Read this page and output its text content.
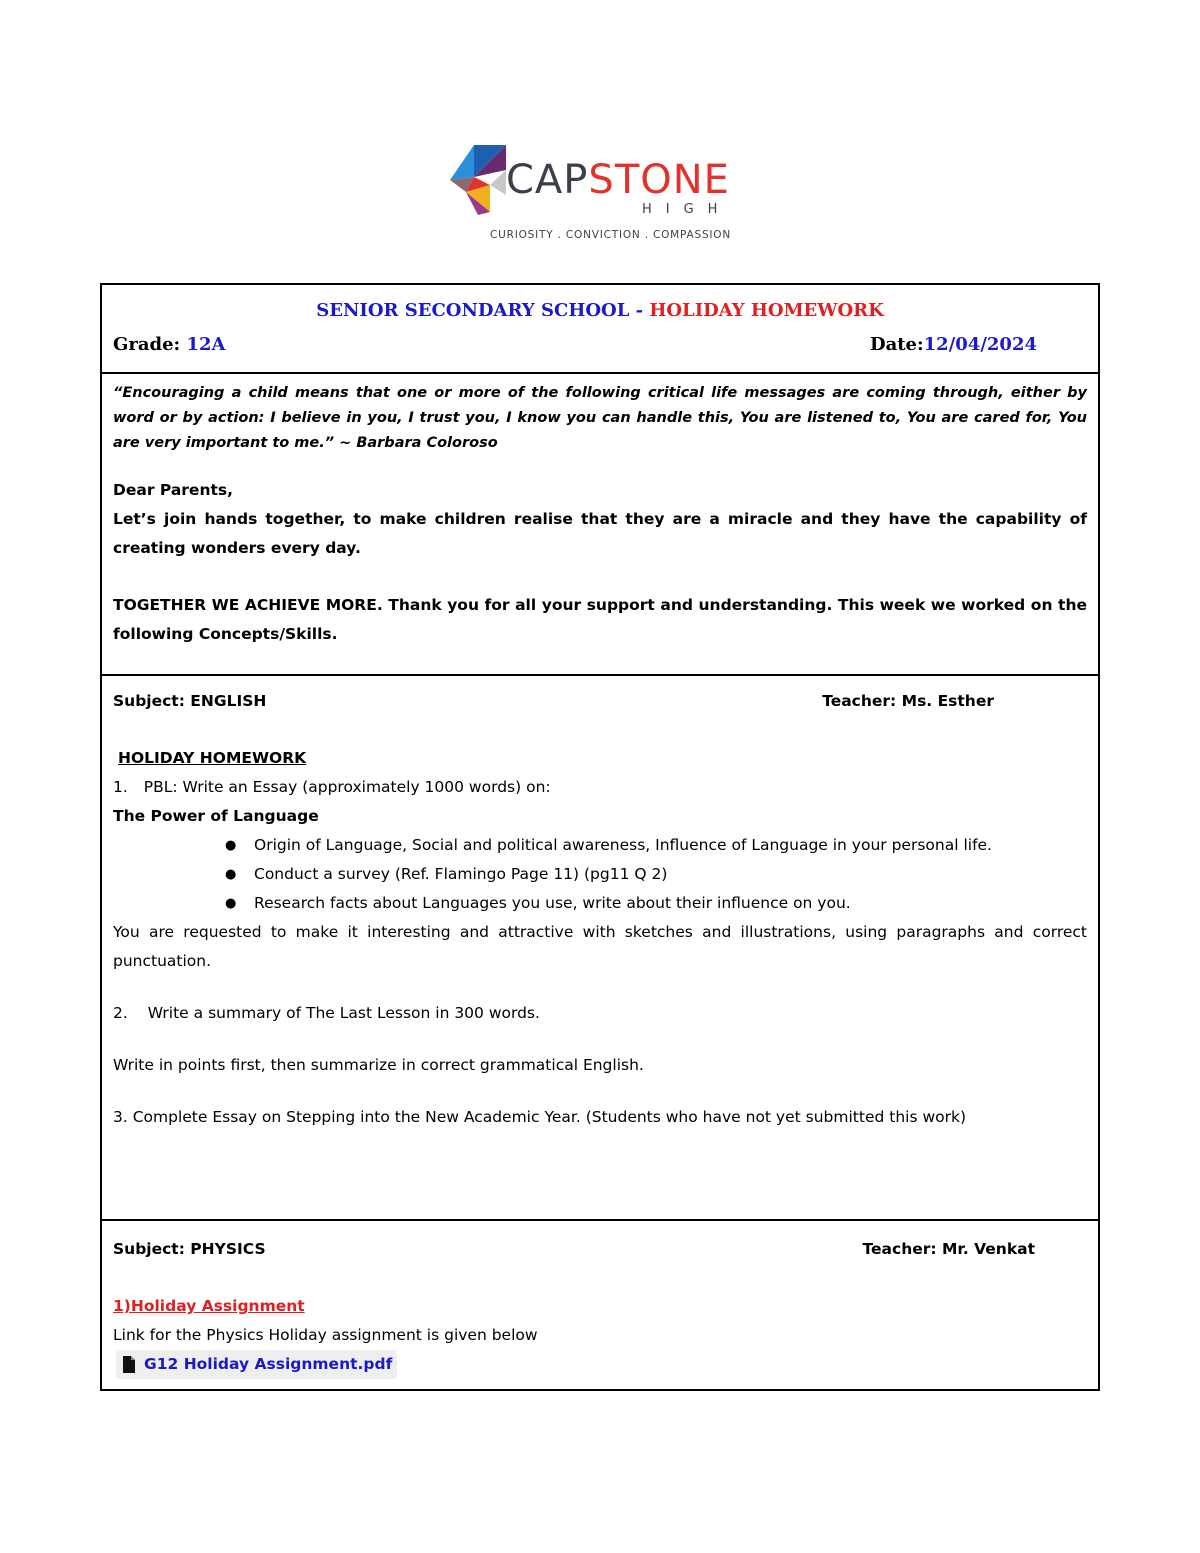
CAPSTONE
HIGH
CURIOSITY . CONVICTION . COMPASSION
SENIOR SECONDARY SCHOOL - HOLIDAY HOMEWORK
Grade: 12A	Date:12/04/2024

“Encouraging a child means that one or more of the following critical life messages are coming through, either by word or by action: I believe in you, I trust you, I know you can handle this, You are listened to, You are cared for, You are very important to me.” ~ Barbara Coloroso

Dear Parents,

Let’s join hands together, to make children realise that they are a miracle and they have the capability of creating wonders every day.

TOGETHER WE ACHIEVE MORE. Thank you for all your support and understanding. This week we worked on the following Concepts/Skills.

Subject: ENGLISH	Teacher: Ms. Esther

HOLIDAY HOMEWORK

1. PBL: Write an Essay (approximately 1000 words) on:

The Power of Language

● Origin of Language, Social and political awareness, Influence of Language in your personal life.
● Conduct a survey (Ref. Flamingo Page 11) (pg11 Q 2)
● Research facts about Languages you use, write about their influence on you.

You are requested to make it interesting and attractive with sketches and illustrations, using paragraphs and correct punctuation.

2. Write a summary of The Last Lesson in 300 words.

Write in points first, then summarize in correct grammatical English.

3. Complete Essay on Stepping into the New Academic Year. (Students who have not yet submitted this work)

Subject: PHYSICS	Teacher: Mr. Venkat

1)Holiday Assignment

Link for the Physics Holiday assignment is given below

G12 Holiday Assignment.pdf
